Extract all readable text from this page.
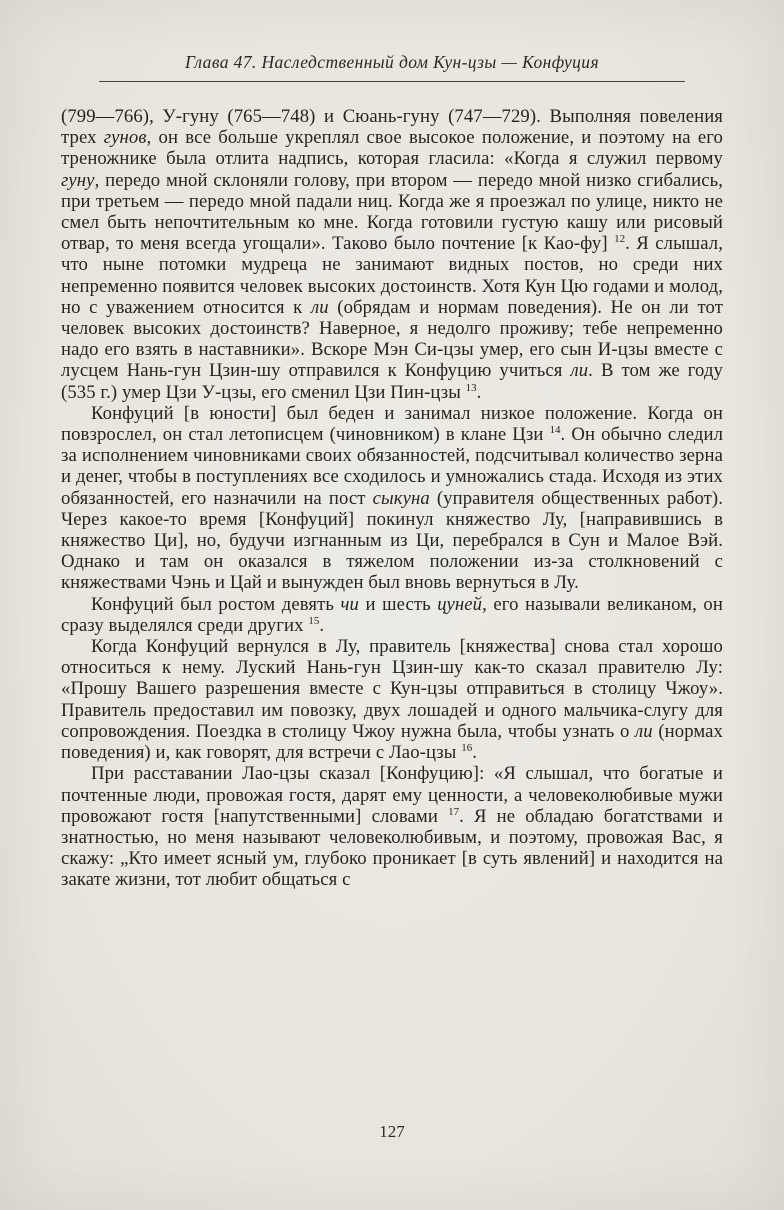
Глава 47. Наследственный дом Кун-цзы — Конфуция

(799—766), У-гуну (765—748) и Сюань-гуну (747—729). Выполняя повеления трех гунов, он все больше укреплял свое высокое положение, и поэтому на его треножнике была отлита надпись, которая гласила: «Когда я служил первому гуну, передо мной склоняли голову, при втором — передо мной низко сгибались, при третьем — передо мной падали ниц. Когда же я проезжал по улице, никто не смел быть непочтительным ко мне. Когда готовили густую кашу или рисовый отвар, то меня всегда угощали». Таково было почтение [к Као-фу] $^{12}$. Я слышал, что ныне потомки мудреца не занимают видных постов, но среди них непременно появится человек высоких достоинств. Хотя Кун Цю годами и молод, но с уважением относится к ли (обрядам и нормам поведения). Не он ли тот человек высоких достоинств? Наверное, я недолго проживу; тебе непременно надо его взять в наставники». Вскоре Мэн Си-цзы умер, его сын И-цзы вместе с лусцем Нань-гун Цзин-шу отправился к Конфуцию учиться ли. В том же году (535 г.) умер Цзи У-цзы, его сменил Цзи Пин-цзы $^{13}$.

Конфуций [в юности] был беден и занимал низкое положение. Когда он повзрослел, он стал летописцем (чиновником) в клане Цзи $^{14}$. Он обычно следил за исполнением чиновниками своих обязанностей, подсчитывал количество зерна и денег, чтобы в поступлениях все сходилось и умножались стада. Исходя из этих обязанностей, его назначили на пост сыкуна (управителя общественных работ). Через какое-то время [Конфуций] покинул княжество Лу, [направившись в княжество Ци], но, будучи изгнанным из Ци, перебрался в Сун и Малое Вэй. Однако и там он оказался в тяжелом положении из-за столкновений с княжествами Чэнь и Цай и вынужден был вновь вернуться в Лу.

Конфуций был ростом девять чи и шесть цуней, его называли великаном, он сразу выделялся среди других $^{15}$.

Когда Конфуций вернулся в Лу, правитель [княжества] снова стал хорошо относиться к нему. Луский Нань-гун Цзин-шу как-то сказал правителю Лу: «Прошу Вашего разрешения вместе с Кун-цзы отправиться в столицу Чжоу». Правитель предоставил им повозку, двух лошадей и одного мальчика-слугу для сопровождения. Поездка в столицу Чжоу нужна была, чтобы узнать о ли (нормах поведения) и, как говорят, для встречи с Лао-цзы $^{16}$.

При расставании Лао-цзы сказал [Конфуцию]: «Я слышал, что богатые и почтенные люди, провожая гостя, дарят ему ценности, а человеколюбивые мужи провожают гостя [напутственными] словами $^{17}$. Я не обладаю богатствами и знатностью, но меня называют человеколюбивым, и поэтому, провожая Вас, я скажу: „Кто имеет ясный ум, глубоко проникает [в суть явлений] и находится на закате жизни, тот любит общаться с

127
